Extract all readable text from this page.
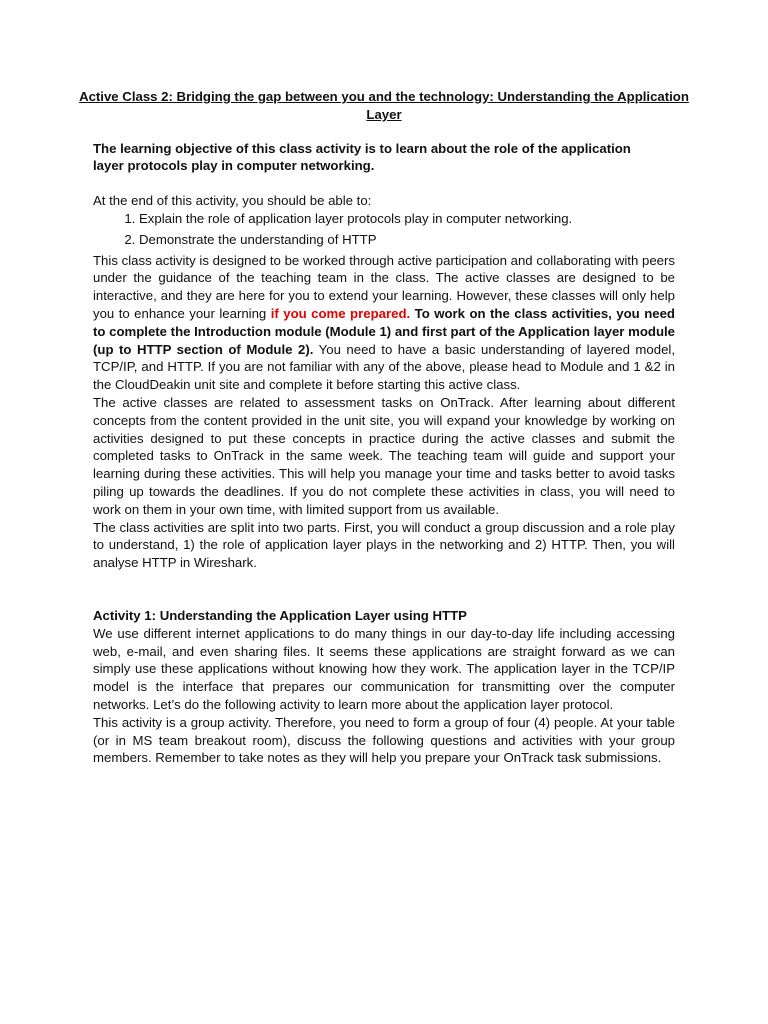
Active Class 2: Bridging the gap between you and the technology: Understanding the Application Layer
The learning objective of this class activity is to learn about the role of the application layer protocols play in computer networking.
At the end of this activity, you should be able to:
1. Explain the role of application layer protocols play in computer networking.
2. Demonstrate the understanding of HTTP

This class activity is designed to be worked through active participation and collaborating with peers under the guidance of the teaching team in the class. The active classes are designed to be interactive, and they are here for you to extend your learning. However, these classes will only help you to enhance your learning if you come prepared. To work on the class activities, you need to complete the Introduction module (Module 1) and first part of the Application layer module (up to HTTP section of Module 2). You need to have a basic understanding of layered model, TCP/IP, and HTTP. If you are not familiar with any of the above, please head to Module and 1 &2 in the CloudDeakin unit site and complete it before starting this active class.

The active classes are related to assessment tasks on OnTrack. After learning about different concepts from the content provided in the unit site, you will expand your knowledge by working on activities designed to put these concepts in practice during the active classes and submit the completed tasks to OnTrack in the same week. The teaching team will guide and support your learning during these activities. This will help you manage your time and tasks better to avoid tasks piling up towards the deadlines. If you do not complete these activities in class, you will need to work on them in your own time, with limited support from us available.

The class activities are split into two parts. First, you will conduct a group discussion and a role play to understand, 1) the role of application layer plays in the networking and 2) HTTP. Then, you will analyse HTTP in Wireshark.

Activity 1: Understanding the Application Layer using HTTP

We use different internet applications to do many things in our day-to-day life including accessing web, e-mail, and even sharing files. It seems these applications are straight forward as we can simply use these applications without knowing how they work. The application layer in the TCP/IP model is the interface that prepares our communication for transmitting over the computer networks. Let’s do the following activity to learn more about the application layer protocol.

This activity is a group activity. Therefore, you need to form a group of four (4) people. At your table (or in MS team breakout room), discuss the following questions and activities with your group members. Remember to take notes as they will help you prepare your OnTrack task submissions.
